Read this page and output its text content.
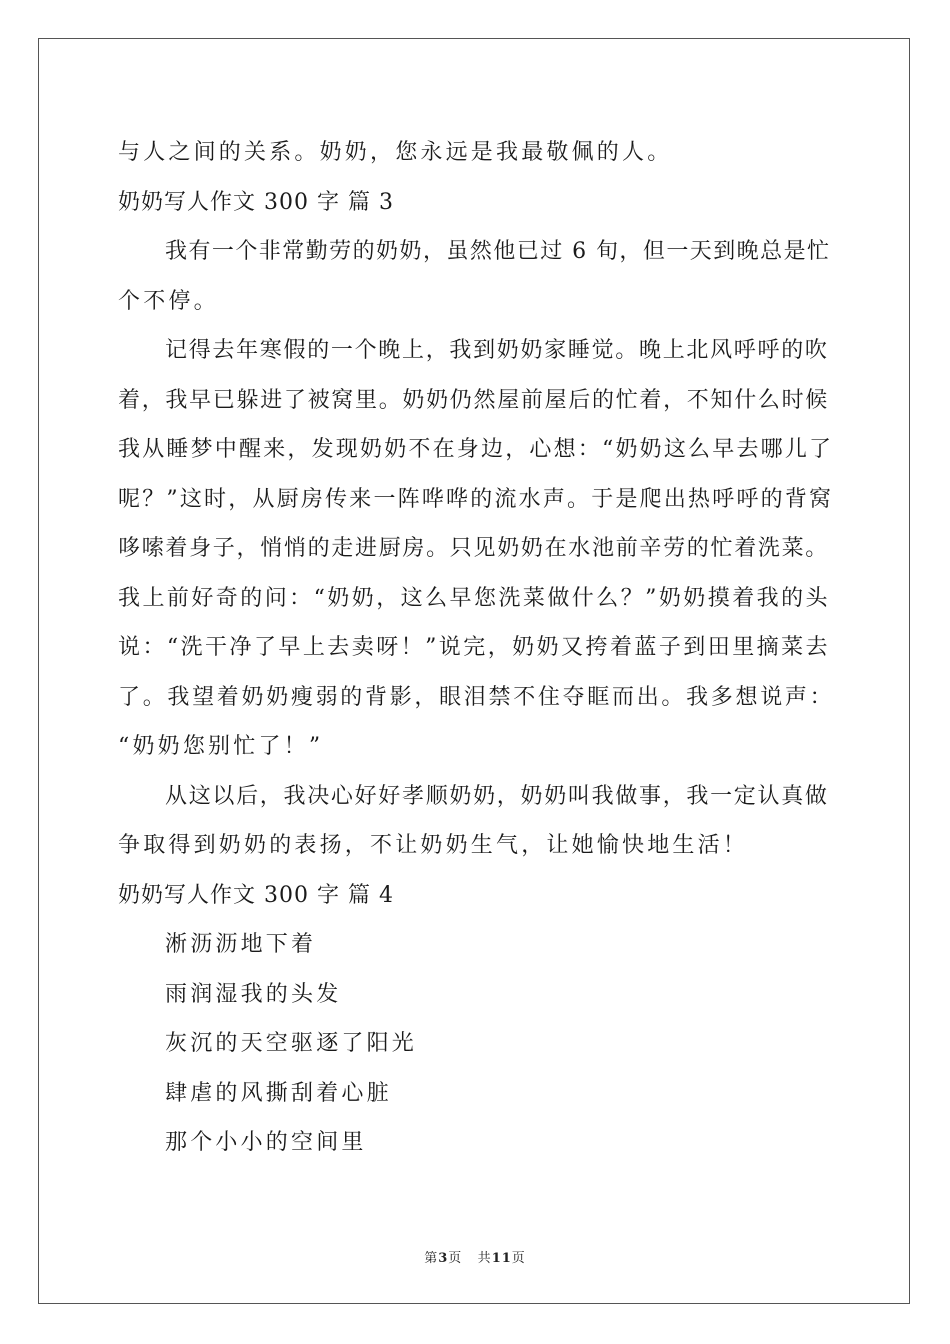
与人之间的关系。奶奶，您永远是我最敬佩的人。
奶奶写人作文 300 字 篇 3
我有一个非常勤劳的奶奶，虽然他已过 6 旬，但一天到晚总是忙
个不停。
记得去年寒假的一个晚上，我到奶奶家睡觉。晚上北风呼呼的吹
着，我早已躲进了被窝里。奶奶仍然屋前屋后的忙着，不知什么时候
我从睡梦中醒来，发现奶奶不在身边，心想：“奶奶这么早去哪儿了
呢？”这时，从厨房传来一阵哗哗的流水声。于是爬出热呼呼的背窝
哆嗦着身子，悄悄的走进厨房。只见奶奶在水池前辛劳的忙着洗菜。
我上前好奇的问：“奶奶，这么早您洗菜做什么？”奶奶摸着我的头
说：“洗干净了早上去卖呀！”说完，奶奶又挎着蓝子到田里摘菜去
了。我望着奶奶瘦弱的背影，眼泪禁不住夺眶而出。我多想说声：
“奶奶您别忙了！”
从这以后，我决心好好孝顺奶奶，奶奶叫我做事，我一定认真做
争取得到奶奶的表扬，不让奶奶生气，让她愉快地生活！
奶奶写人作文 300 字 篇 4
淅沥沥地下着
雨润湿我的头发
灰沉的天空驱逐了阳光
肆虐的风撕刮着心脏
那个小小的空间里
第3页 共11页
